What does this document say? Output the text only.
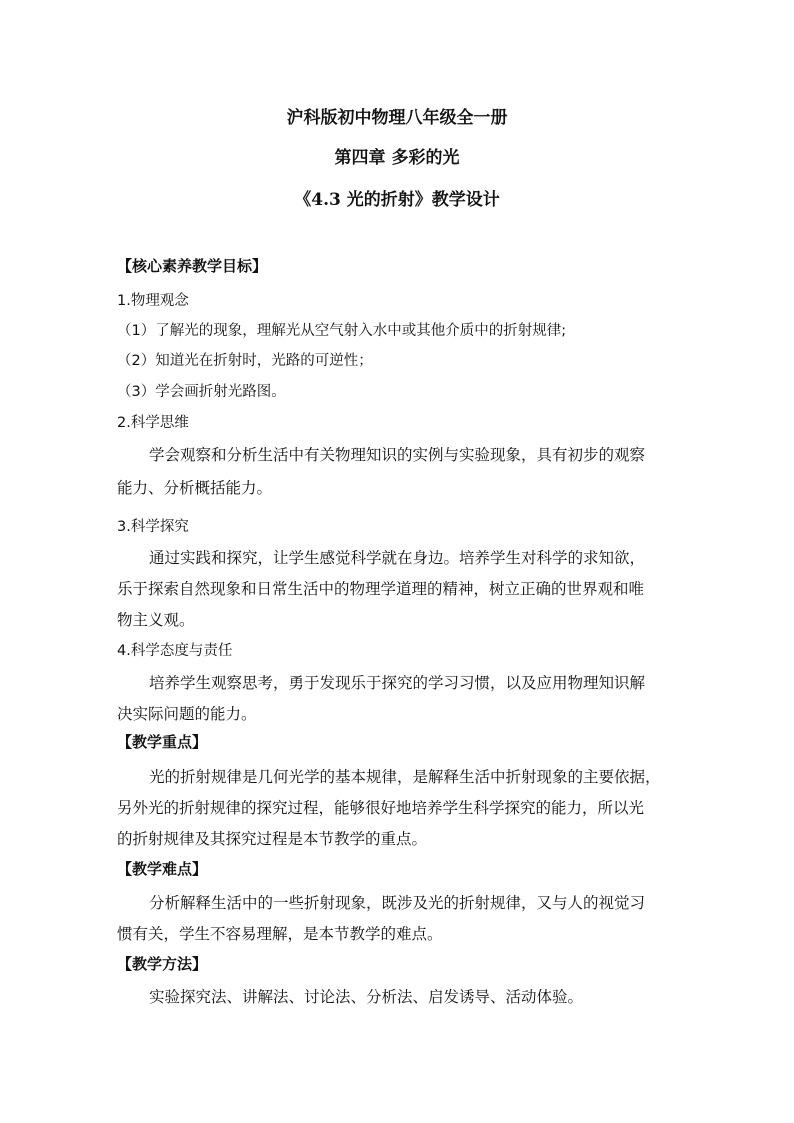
沪科版初中物理八年级全一册
第四章 多彩的光
《4.3 光的折射》教学设计
【核心素养教学目标】
1.物理观念
（1）了解光的现象，理解光从空气射入水中或其他介质中的折射规律;
（2）知道光在折射时，光路的可逆性；
（3）学会画折射光路图。
2.科学思维
学会观察和分析生活中有关物理知识的实例与实验现象，具有初步的观察
能力、分析概括能力。
3.科学探究
通过实践和探究，让学生感觉科学就在身边。培养学生对科学的求知欲，
乐于探索自然现象和日常生活中的物理学道理的精神，树立正确的世界观和唯
物主义观。
4.科学态度与责任
培养学生观察思考，勇于发现乐于探究的学习习惯，以及应用物理知识解
决实际问题的能力。
【教学重点】
光的折射规律是几何光学的基本规律，是解释生活中折射现象的主要依据，
另外光的折射规律的探究过程，能够很好地培养学生科学探究的能力，所以光
的折射规律及其探究过程是本节教学的重点。
【教学难点】
分析解释生活中的一些折射现象，既涉及光的折射规律，又与人的视觉习
惯有关，学生不容易理解，是本节教学的难点。
【教学方法】
实验探究法、讲解法、讨论法、分析法、启发诱导、活动体验。
